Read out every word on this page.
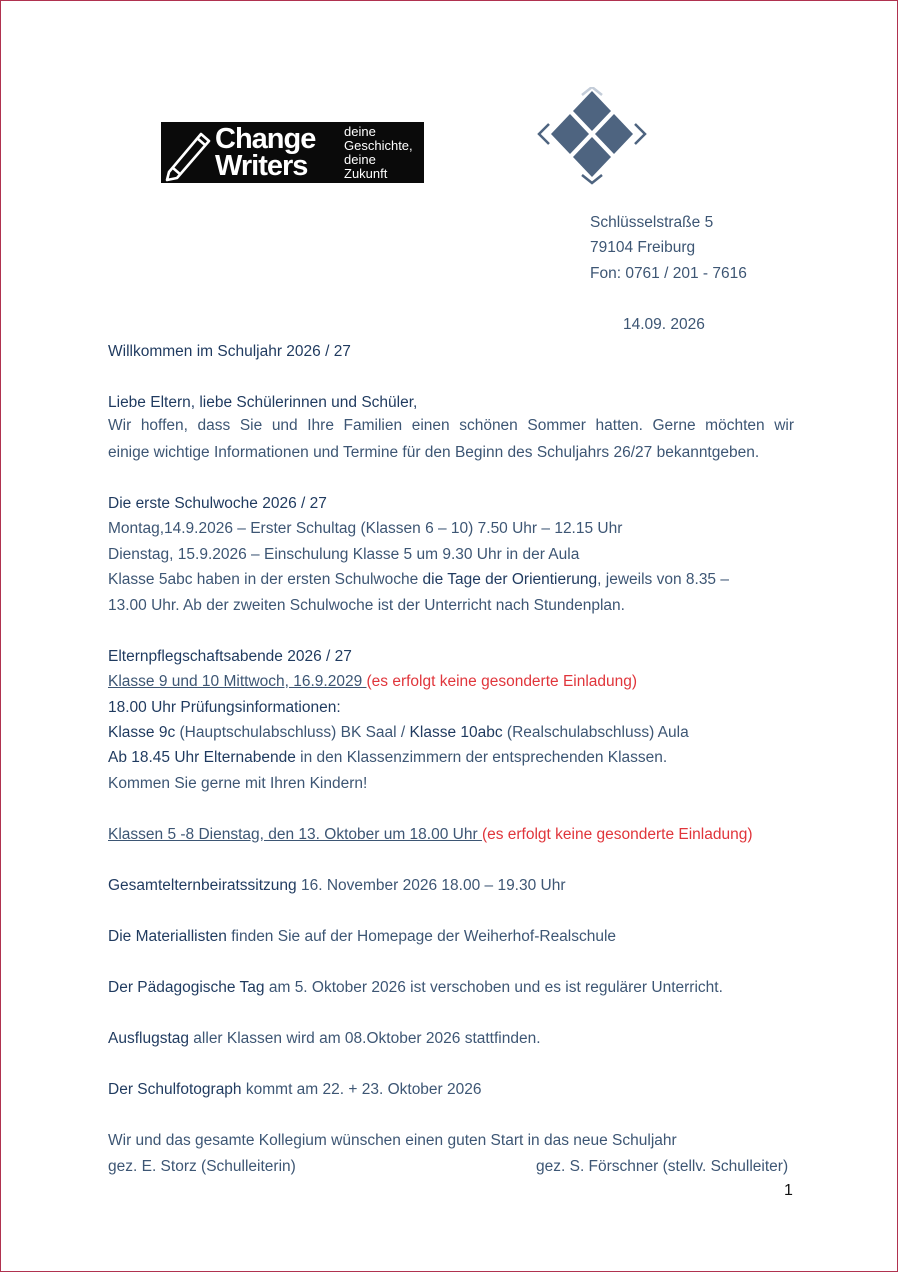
Change
Writers
deine
Geschichte,
deine
Zukunft
Schlüsselstraße 5
79104 Freiburg
Fon: 0761 / 201 - 7616
14.09. 2026
Willkommen im Schuljahr 2026 / 27
Liebe Eltern, liebe Schülerinnen und Schüler,
Wir hoffen, dass Sie und Ihre Familien einen schönen Sommer hatten. Gerne möchten wir
einige wichtige Informationen und Termine für den Beginn des Schuljahrs 26/27 bekanntgeben.
Die erste Schulwoche 2026 / 27
Montag,14.9.2026 – Erster Schultag (Klassen 6 – 10) 7.50 Uhr – 12.15 Uhr
Dienstag, 15.9.2026 – Einschulung Klasse 5 um 9.30 Uhr in der Aula
Klasse 5abc haben in der ersten Schulwoche die Tage der Orientierung, jeweils von 8.35 –
13.00 Uhr. Ab der zweiten Schulwoche ist der Unterricht nach Stundenplan.
Elternpflegschaftsabende 2026 / 27
Klasse 9 und 10 Mittwoch, 16.9.2029 (es erfolgt keine gesonderte Einladung)
18.00 Uhr Prüfungsinformationen:
Klasse 9c (Hauptschulabschluss) BK Saal / Klasse 10abc (Realschulabschluss) Aula
Ab 18.45 Uhr Elternabende in den Klassenzimmern der entsprechenden Klassen.
Kommen Sie gerne mit Ihren Kindern!
Klassen 5 -8 Dienstag, den 13. Oktober um 18.00 Uhr (es erfolgt keine gesonderte Einladung)
Gesamtelternbeiratssitzung 16. November 2026 18.00 – 19.30 Uhr
Die Materiallisten finden Sie auf der Homepage der Weiherhof-Realschule
Der Pädagogische Tag am 5. Oktober 2026 ist verschoben und es ist regulärer Unterricht.
Ausflugstag aller Klassen wird am 08.Oktober 2026 stattfinden.
Der Schulfotograph kommt am 22. + 23. Oktober 2026
Wir und das gesamte Kollegium wünschen einen guten Start in das neue Schuljahr
gez. E. Storz (Schulleiterin)	gez. S. Förschner (stellv. Schulleiter)
1
